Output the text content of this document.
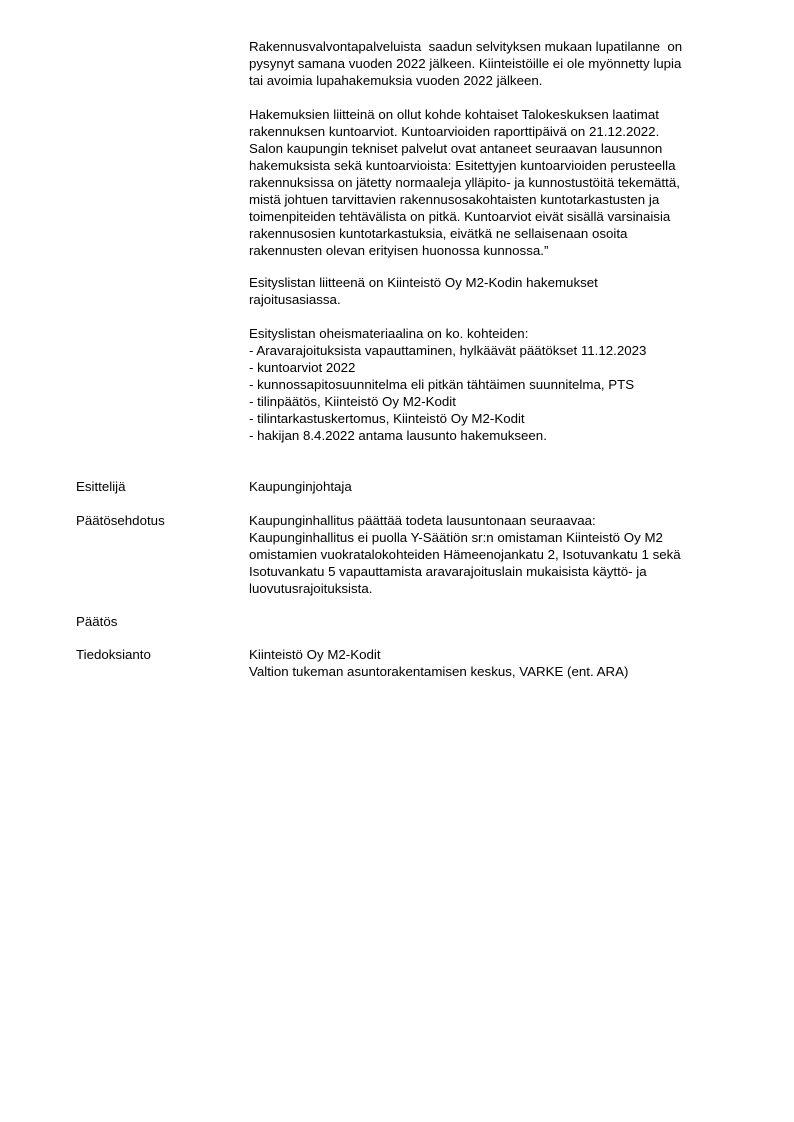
Rakennusvalvontapalveluista  saadun selvityksen mukaan lupatilanne  on
pysynyt samana vuoden 2022 jälkeen. Kiinteistöille ei ole myönnetty lupia
tai avoimia lupahakemuksia vuoden 2022 jälkeen.
Hakemuksien liitteinä on ollut kohde kohtaiset Talokeskuksen laatimat
rakennuksen kuntoarviot. Kuntoarvioiden raporttipäivä on 21.12.2022.
Salon kaupungin tekniset palvelut ovat antaneet seuraavan lausunnon
hakemuksista sekä kuntoarvioista: Esitettyjen kuntoarvioiden perusteella
rakennuksissa on jätetty normaaleja ylläpito- ja kunnostustöitä tekemättä,
mistä johtuen tarvittavien rakennusosakohtaisten kuntotarkastusten ja
toimenpiteiden tehtävälista on pitkä. Kuntoarviot eivät sisällä varsinaisia
rakennusosien kuntotarkastuksia, eivätkä ne sellaisenaan osoita
rakennusten olevan erityisen huonossa kunnossa.”
Esityslistan liitteenä on Kiinteistö Oy M2-Kodin hakemukset
rajoitusasiassa.
Esityslistan oheismateriaalina on ko. kohteiden:
- Aravarajoituksista vapauttaminen, hylkäävät päätökset 11.12.2023
- kuntoarviot 2022
- kunnossapitosuunnitelma eli pitkän tähtäimen suunnitelma, PTS
- tilinpäätös, Kiinteistö Oy M2-Kodit
- tilintarkastuskertomus, Kiinteistö Oy M2-Kodit
- hakijan 8.4.2022 antama lausunto hakemukseen.
Esittelijä	Kaupunginjohtaja
Päätösehdotus	Kaupunginhallitus päättää todeta lausuntonaan seuraavaa:
Kaupunginhallitus ei puolla Y-Säätiön sr:n omistaman Kiinteistö Oy M2
omistamien vuokratalokohteiden Hämeenojankatu 2, Isotuvankatu 1 sekä
Isotuvankatu 5 vapauttamista aravarajoituslain mukaisista käyttö- ja
luovutusrajoituksista.
Päätös
Tiedoksianto	Kiinteistö Oy M2-Kodit
Valtion tukeman asuntorakentamisen keskus, VARKE (ent. ARA)
